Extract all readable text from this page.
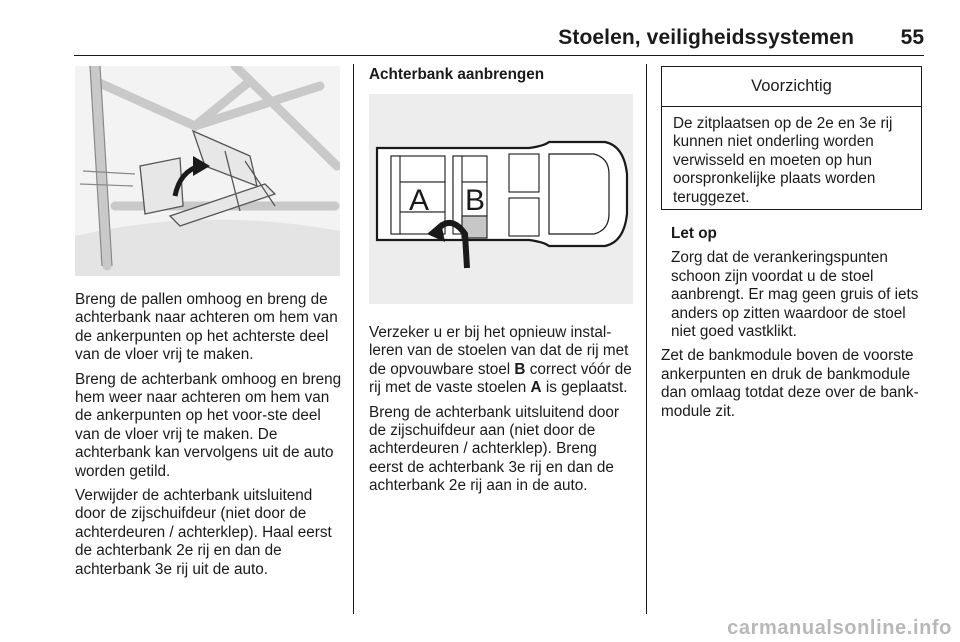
Stoelen, veiligheidssystemen 55

Breng de pallen omhoog en breng de achterbank naar achteren om hem van de ankerpunten op het achterste deel van de vloer vrij te maken.

Breng de achterbank omhoog en breng hem weer naar achteren om hem van de ankerpunten op het voor-ste deel van de vloer vrij te maken. De achterbank kan vervolgens uit de auto worden getild.

Verwijder de achterbank uitsluitend door de zijschuifdeur (niet door de achterdeuren / achterklep). Haal eerst de achterbank 2e rij en dan de achterbank 3e rij uit de auto.

Achterbank aanbrengen

A B

Verzeker u er bij het opnieuw instal-leren van de stoelen van dat de rij met de opvouwbare stoel B correct vóór de rij met de vaste stoelen A is geplaatst.

Breng de achterbank uitsluitend door de zijschuifdeur aan (niet door de achterdeuren / achterklep). Breng eerst de achterbank 3e rij en dan de achterbank 2e rij aan in de auto.

Voorzichtig
De zitplaatsen op de 2e en 3e rij kunnen niet onderling worden verwisseld en moeten op hun oorspronkelijke plaats worden teruggezet.

Let op

Zorg dat de verankeringspunten schoon zijn voordat u de stoel aanbrengt. Er mag geen gruis of iets anders op zitten waardoor de stoel niet goed vastklikt.

Zet de bankmodule boven de voorste ankerpunten en druk de bankmodule dan omlaag totdat deze over de bank-module zit.

carmanualsonline.info
